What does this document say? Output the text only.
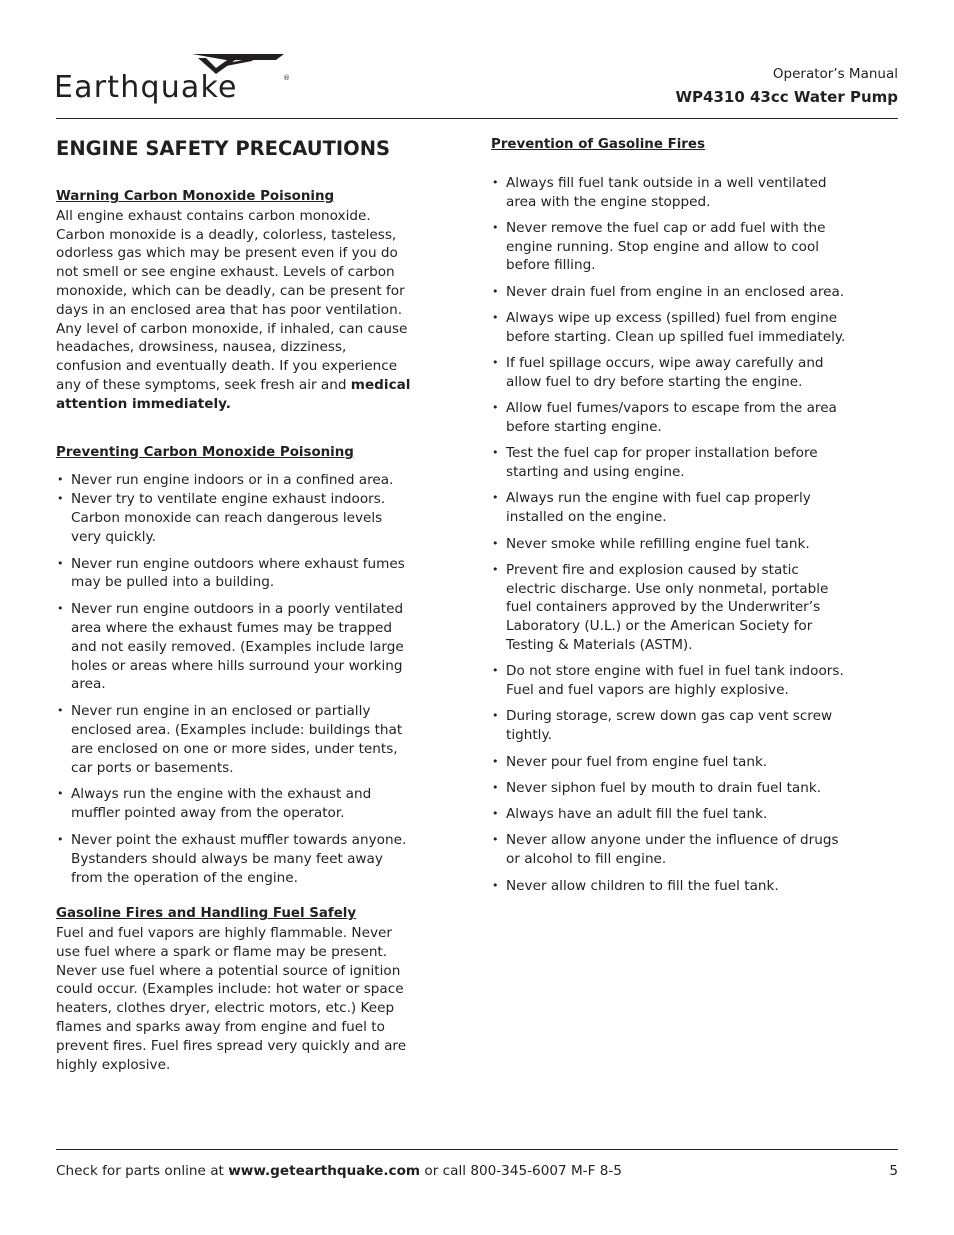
Earthquake	®	Operator’s Manual
WP4310 43cc Water Pump
ENGINE SAFETY PRECAUTIONS
Warning Carbon Monoxide Poisoning

All engine exhaust contains carbon monoxide. Carbon monoxide is a deadly, colorless, tasteless, odorless gas which may be present even if you do not smell or see engine exhaust. Levels of carbon monoxide, which can be deadly, can be present for days in an enclosed area that has poor ventilation. Any level of carbon monoxide, if inhaled, can cause headaches, drowsiness, nausea, dizziness, confusion and eventually death. If you experience any of these symptoms, seek fresh air and medical attention immediately.

Preventing Carbon Monoxide Poisoning
• Never run engine indoors or in a confined area.
• Never try to ventilate engine exhaust indoors. Carbon monoxide can reach dangerous levels very quickly.
• Never run engine outdoors where exhaust fumes may be pulled into a building.
• Never run engine outdoors in a poorly ventilated area where the exhaust fumes may be trapped and not easily removed. (Examples include large holes or areas where hills surround your working area.
• Never run engine in an enclosed or partially enclosed area. (Examples include: buildings that are enclosed on one or more sides, under tents, car ports or basements.
• Always run the engine with the exhaust and muffler pointed away from the operator.
• Never point the exhaust muffler towards anyone. Bystanders should always be many feet away from the operation of the engine.
Gasoline Fires and Handling Fuel Safely

Fuel and fuel vapors are highly flammable. Never use fuel where a spark or flame may be present. Never use fuel where a potential source of ignition could occur. (Examples include: hot water or space heaters, clothes dryer, electric motors, etc.) Keep flames and sparks away from engine and fuel to prevent fires. Fuel fires spread very quickly and are highly explosive.

Prevention of Gasoline Fires
• Always fill fuel tank outside in a well ventilated area with the engine stopped.
• Never remove the fuel cap or add fuel with the engine running. Stop engine and allow to cool before filling.
• Never drain fuel from engine in an enclosed area.
• Always wipe up excess (spilled) fuel from engine before starting. Clean up spilled fuel immediately.
• If fuel spillage occurs, wipe away carefully and allow fuel to dry before starting the engine.
• Allow fuel fumes/vapors to escape from the area before starting engine.
• Test the fuel cap for proper installation before starting and using engine.
• Always run the engine with fuel cap properly installed on the engine.
• Never smoke while refilling engine fuel tank.
• Prevent fire and explosion caused by static electric discharge. Use only nonmetal, portable fuel containers approved by the Underwriter’s Laboratory (U.L.) or the American Society for Testing & Materials (ASTM).
• Do not store engine with fuel in fuel tank indoors. Fuel and fuel vapors are highly explosive.
• During storage, screw down gas cap vent screw tightly.
• Never pour fuel from engine fuel tank.
• Never siphon fuel by mouth to drain fuel tank.
• Always have an adult fill the fuel tank.
• Never allow anyone under the influence of drugs or alcohol to fill engine.
• Never allow children to fill the fuel tank.
Check for parts online at www.getearthquake.com or call 800-345-6007 M-F 8-5	5
